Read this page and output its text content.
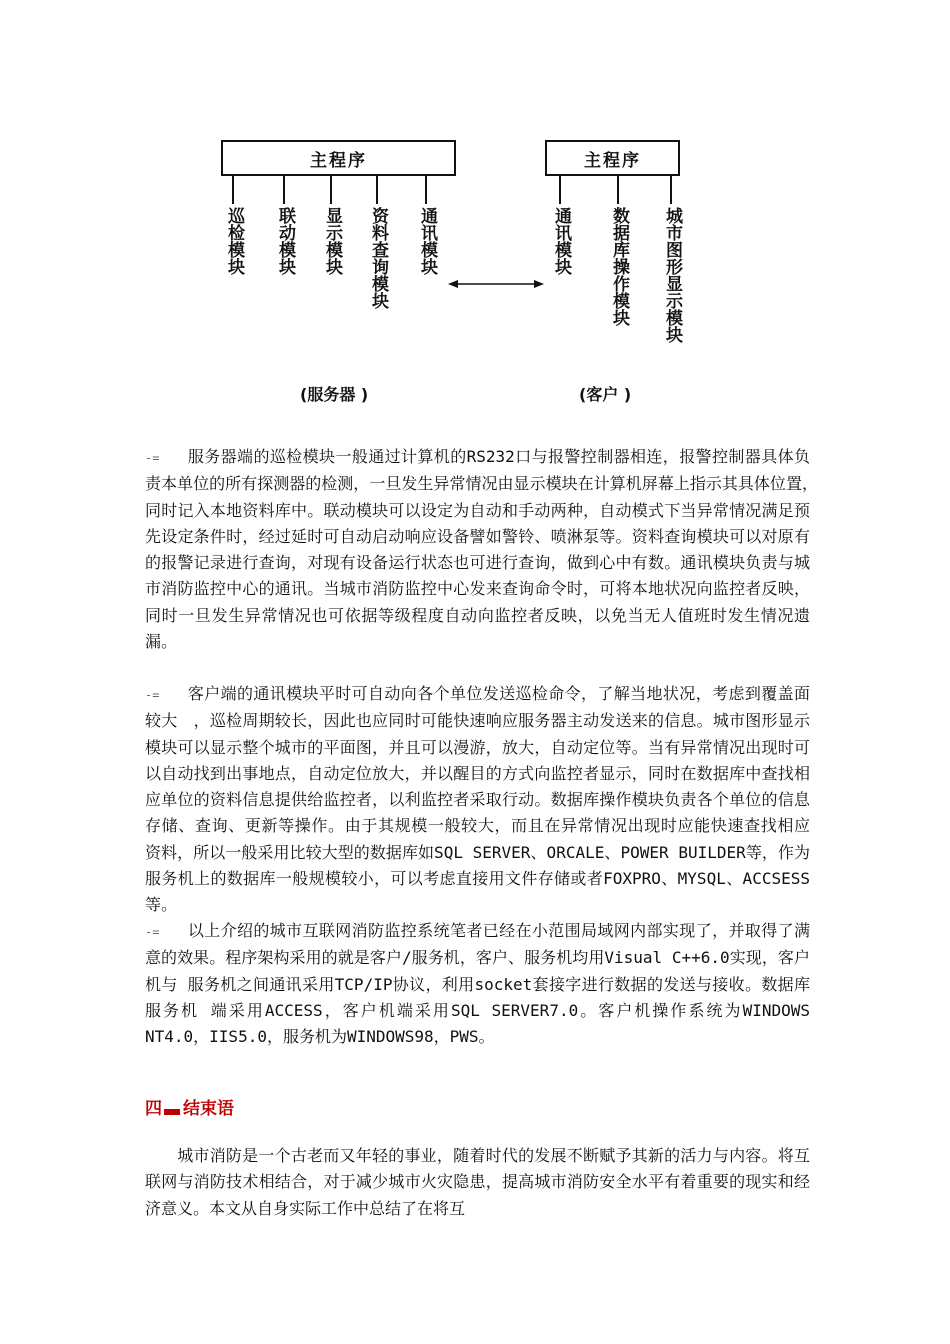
主程序	主程序
巡检模块 联动模块 显示模块 资料查询模块 通讯模块	通讯模块 数据库操作模块 城市图形显示模块
(服务器 )	(客户 )

-= 服务器端的巡检模块一般通过计算机的RS232口与报警控制器相连，报警控制器具体负责本单位的所有探测器的检测，一旦发生异常情况由显示模块在计算机屏幕上指示其具体位置，　同时记入本地资料库中。联动模块可以设定为自动和手动两种，自动模式下当异常情况满足预先设定条件时，经过延时可自动启动响应设备譬如警铃、喷淋泵等。资料查询模块可以对原有的报警记录进行查询，对现有设备运行状态也可进行查询，做到心中有数。通讯模块负责与城市消防监控中心的通讯。当城市消防监控中心发来查询命令时，可将本地状况向监控者反映，同时一旦发生异常情况也可依据等级程度自动向监控者反映，以免当无人值班时发生情况遗漏。

-= 客户端的通讯模块平时可自动向各个单位发送巡检命令，了解当地状况，考虑到覆盖面较大　，巡检周期较长，因此也应同时可能快速响应服务器主动发送来的信息。城市图形显示模块可以显示整个城市的平面图，并且可以漫游，放大，自动定位等。当有异常情况出现时可以自动找到出事地点，自动定位放大，并以醒目的方式向监控者显示，同时在数据库中查找相应单位的资料信息提供给监控者，以利监控者采取行动。数据库操作模块负责各个单位的信息存储、查询、更新等操作。由于其规模一般较大，而且在异常情况出现时应能快速查找相应 资料，所以一般采用比较大型的数据库如SQL SERVER、ORCALE、POWER BUILDER等，作为服务机上的数据库一般规模较小，可以考虑直接用文件存储或者FOXPRO、MYSQL、ACCSESS等。

-= 以上介绍的城市互联网消防监控系统笔者已经在小范围局域网内部实现了，并取得了满意的效果。程序架构采用的就是客户/服务机，客户、服务机均用Visual C++6.0实现，客户机与 服务机之间通讯采用TCP/IP协议，利用socket套接字进行数据的发送与接收。数据库服务机 端采用ACCESS，客户机端采用SQL SERVER7.0。客户机操作系统为WINDOWS NT4.0，IIS5.0，服务机为WINDOWS98，PWS。

四 结束语

城市消防是一个古老而又年轻的事业，随着时代的发展不断赋予其新的活力与内容。将互联网与消防技术相结合，对于减少城市火灾隐患，提高城市消防安全水平有着重要的现实和经济意义。本文从自身实际工作中总结了在将互
